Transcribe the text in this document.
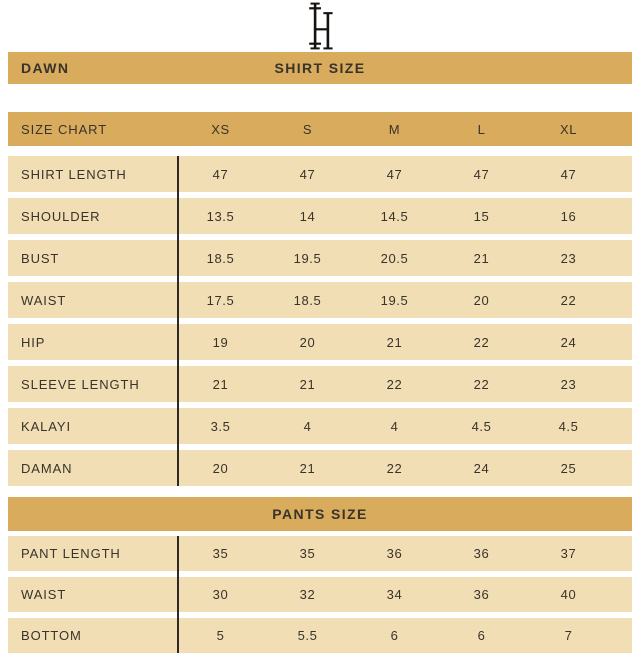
DAWN	SHIRT SIZE
SIZE CHART	XS	S	M	L	XL
SHIRT LENGTH	47	47	47	47	47
SHOULDER	13.5	14	14.5	15	16
BUST	18.5	19.5	20.5	21	23
WAIST	17.5	18.5	19.5	20	22
HIP	19	20	21	22	24
SLEEVE LENGTH	21	21	22	22	23
KALAYI	3.5	4	4	4.5	4.5
DAMAN	20	21	22	24	25
PANTS SIZE
PANT LENGTH	35	35	36	36	37
WAIST	30	32	34	36	40
BOTTOM	5	5.5	6	6	7
